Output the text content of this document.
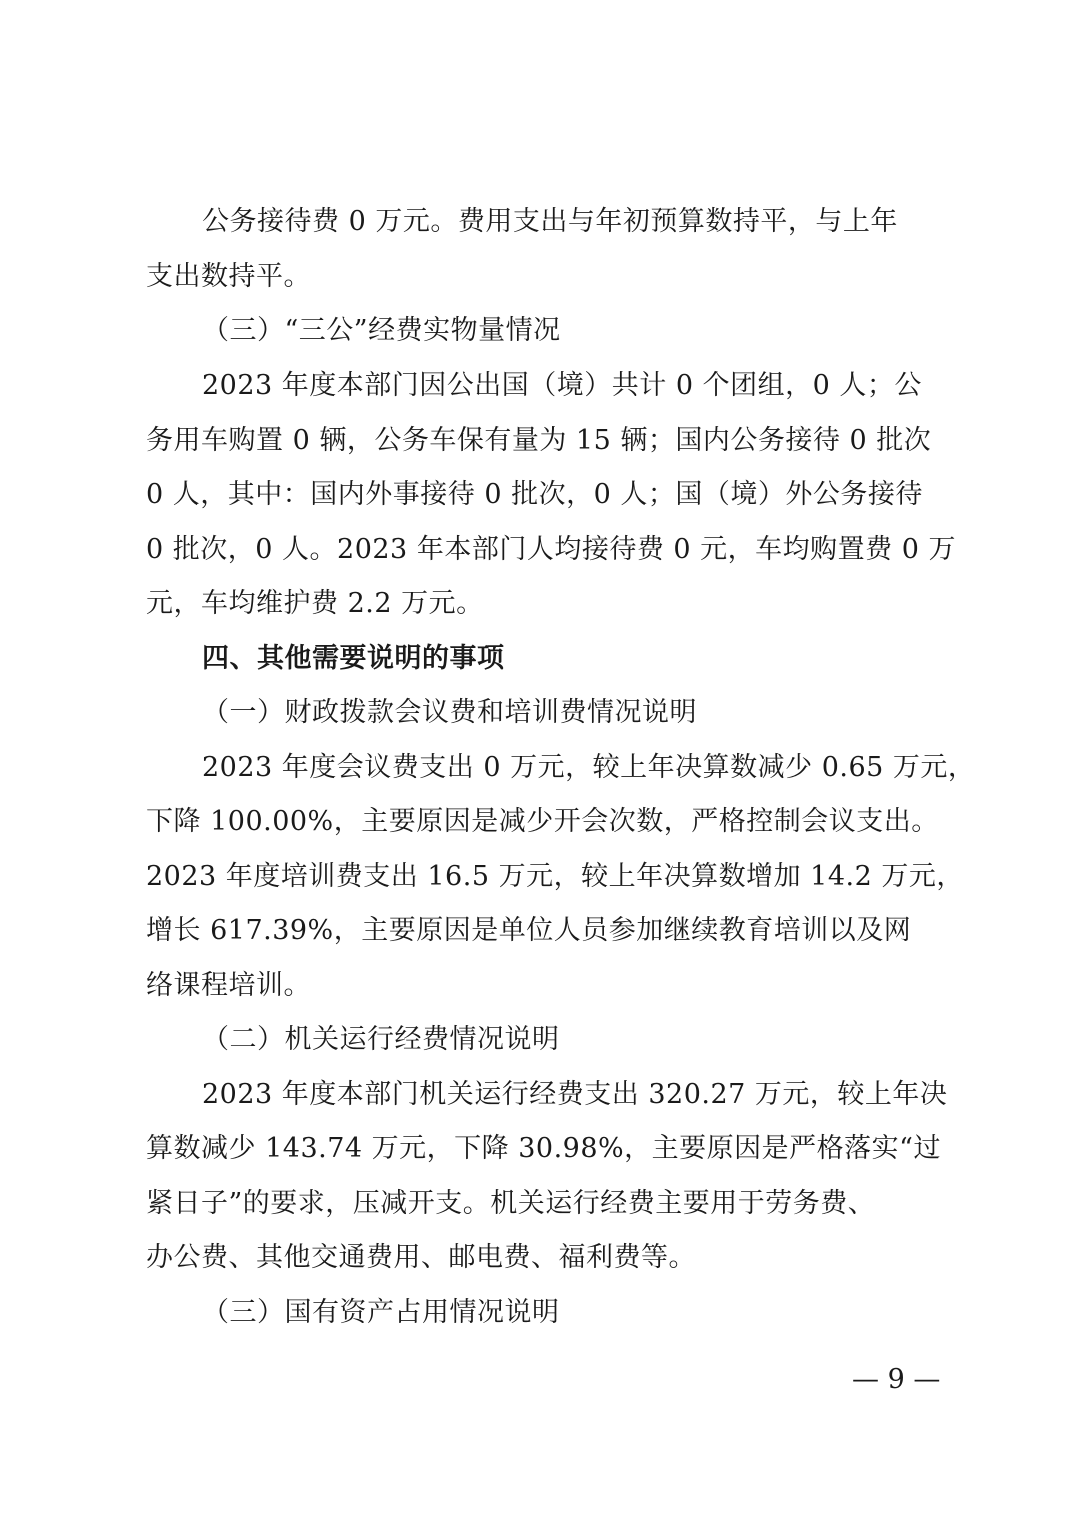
公务接待费 0 万元。费用支出与年初预算数持平，与上年
支出数持平。
（三）“三公”经费实物量情况
2023 年度本部门因公出国（境）共计 0 个团组，0 人；公
务用车购置 0 辆，公务车保有量为 15 辆；国内公务接待 0 批次
0 人，其中：国内外事接待 0 批次，0 人；国（境）外公务接待
0 批次，0 人。2023 年本部门人均接待费 0 元，车均购置费 0 万
元，车均维护费 2.2 万元。
四、其他需要说明的事项
（一）财政拨款会议费和培训费情况说明
2023 年度会议费支出 0 万元，较上年决算数减少 0.65 万元，
下降 100.00%，主要原因是减少开会次数，严格控制会议支出。
2023 年度培训费支出 16.5 万元，较上年决算数增加 14.2 万元，
增长 617.39%，主要原因是单位人员参加继续教育培训以及网
络课程培训。
（二）机关运行经费情况说明
2023 年度本部门机关运行经费支出 320.27 万元，较上年决
算数减少 143.74 万元，下降 30.98%，主要原因是严格落实“过
紧日子”的要求，压减开支。机关运行经费主要用于劳务费、
办公费、其他交通费用、邮电费、福利费等。
（三）国有资产占用情况说明
— 9 —
